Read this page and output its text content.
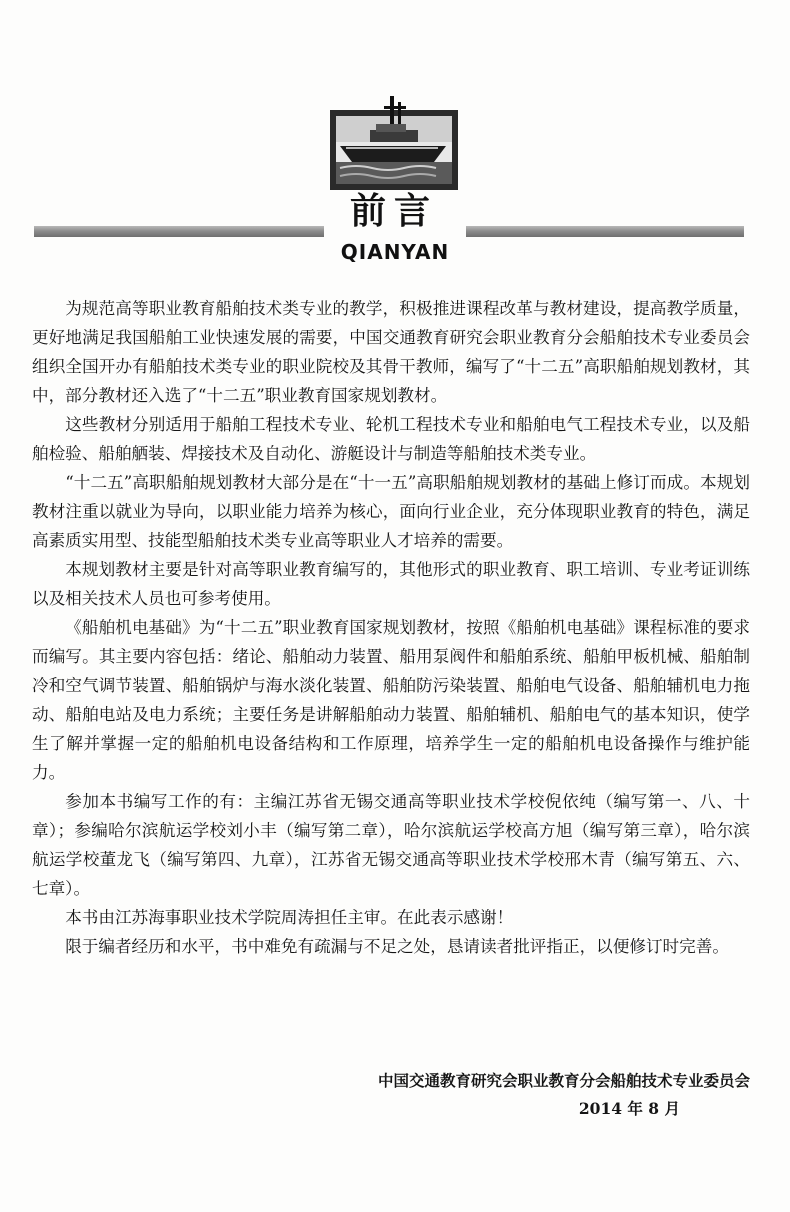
前言
QIANYAN

为规范高等职业教育船舶技术类专业的教学，积极推进课程改革与教材建设，提高教学质量，更好地满足我国船舶工业快速发展的需要，中国交通教育研究会职业教育分会船舶技术专业委员会组织全国开办有船舶技术类专业的职业院校及其骨干教师，编写了“十二五”高职船舶规划教材，其中，部分教材还入选了“十二五”职业教育国家规划教材。

这些教材分别适用于船舶工程技术专业、轮机工程技术专业和船舶电气工程技术专业，以及船舶检验、船舶舾装、焊接技术及自动化、游艇设计与制造等船舶技术类专业。

“十二五”高职船舶规划教材大部分是在“十一五”高职船舶规划教材的基础上修订而成。本规划教材注重以就业为导向，以职业能力培养为核心，面向行业企业，充分体现职业教育的特色，满足高素质实用型、技能型船舶技术类专业高等职业人才培养的需要。

本规划教材主要是针对高等职业教育编写的，其他形式的职业教育、职工培训、专业考证训练以及相关技术人员也可参考使用。

《船舶机电基础》为“十二五”职业教育国家规划教材，按照《船舶机电基础》课程标准的要求而编写。其主要内容包括：绪论、船舶动力装置、船用泵阀件和船舶系统、船舶甲板机械、船舶制冷和空气调节装置、船舶锅炉与海水淡化装置、船舶防污染装置、船舶电气设备、船舶辅机电力拖动、船舶电站及电力系统；主要任务是讲解船舶动力装置、船舶辅机、船舶电气的基本知识，使学生了解并掌握一定的船舶机电设备结构和工作原理，培养学生一定的船舶机电设备操作与维护能力。

参加本书编写工作的有：主编江苏省无锡交通高等职业技术学校倪依纯（编写第一、八、十章）；参编哈尔滨航运学校刘小丰（编写第二章），哈尔滨航运学校高方旭（编写第三章），哈尔滨航运学校董龙飞（编写第四、九章），江苏省无锡交通高等职业技术学校邢木青（编写第五、六、七章）。

本书由江苏海事职业技术学院周涛担任主审。在此表示感谢！

限于编者经历和水平，书中难免有疏漏与不足之处，恳请读者批评指正，以便修订时完善。

中国交通教育研究会职业教育分会船舶技术专业委员会
2014 年 8 月
